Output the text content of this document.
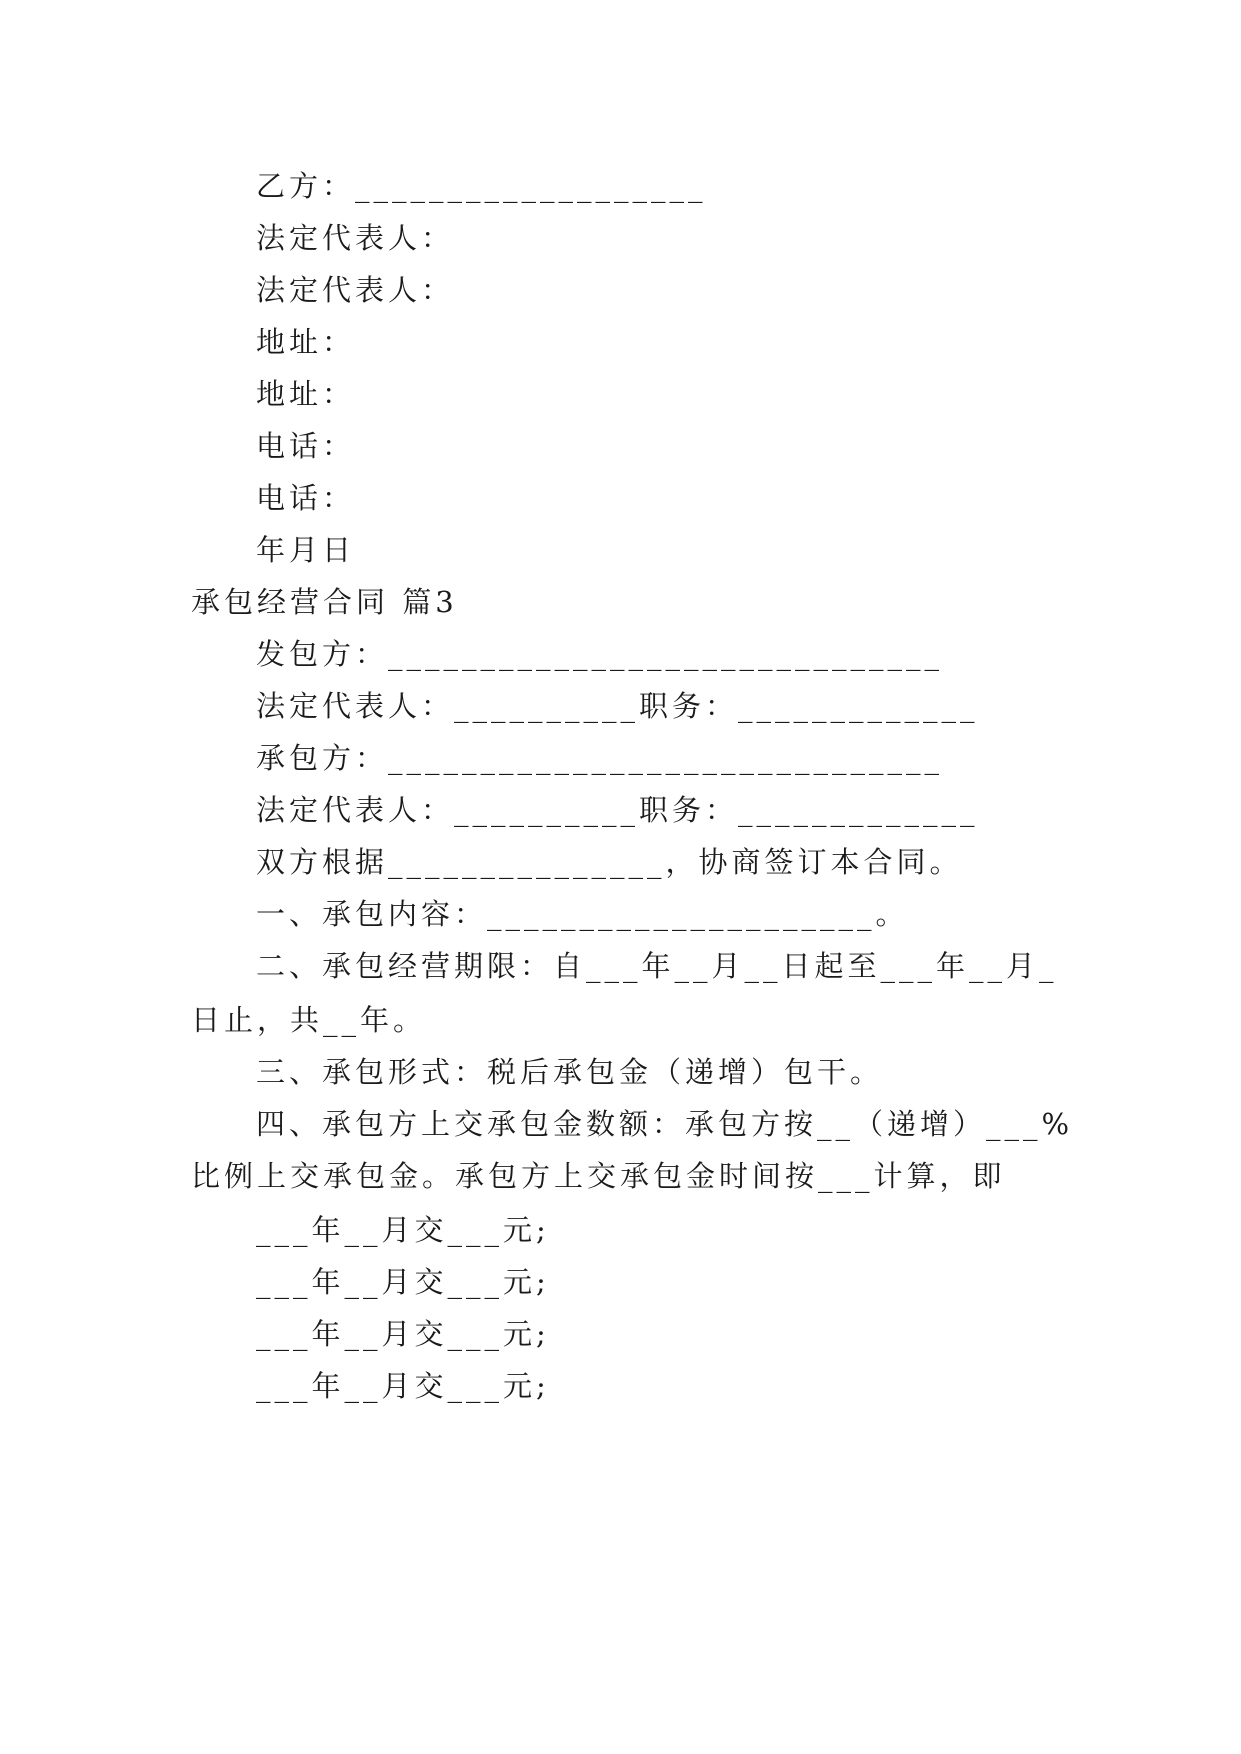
乙方：___________________
法定代表人：
法定代表人：
地址：
地址：
电话：
电话：
年月日
承包经营合同 篇3
发包方：______________________________
法定代表人：__________职务：_____________
承包方：______________________________
法定代表人：__________职务：_____________
双方根据_______________，协商签订本合同。
一、承包内容：_____________________。
二、承包经营期限：自___年__月__日起至___年__月_
日止，共__年。
三、承包形式：税后承包金（递增）包干。
四、承包方上交承包金数额：承包方按__（递增）___%
比例上交承包金。承包方上交承包金时间按___计算，即
___年__月交___元;
___年__月交___元;
___年__月交___元;
___年__月交___元;
